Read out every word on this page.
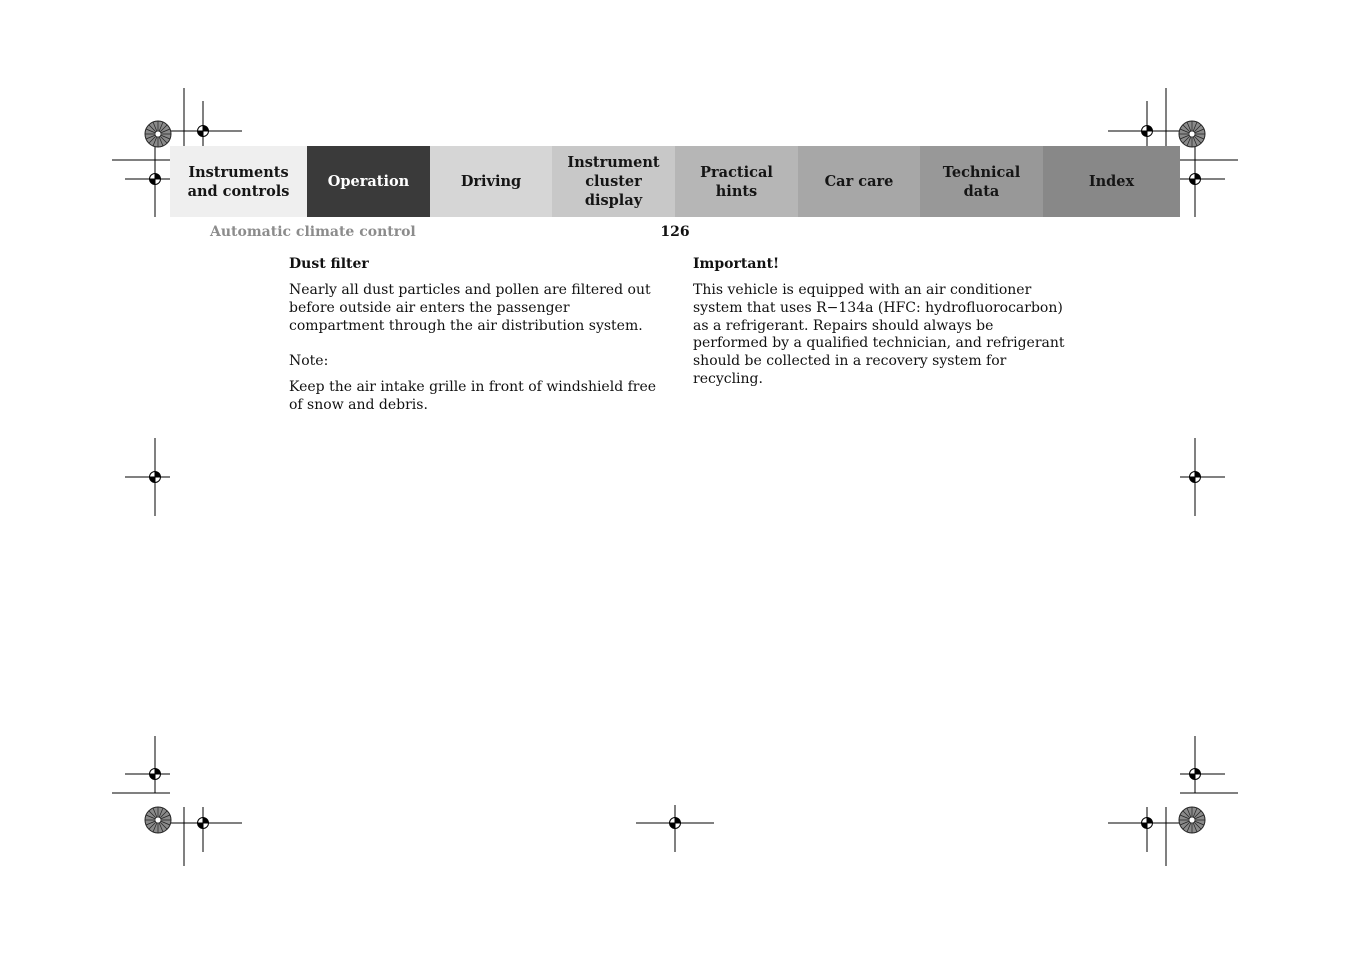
Instruments
and controls
Operation	Driving
Instrument
cluster display
Practical hints
Car care
Technical
data
Index
Automatic climate control	126

Dust filter

Nearly all dust particles and pollen are filtered out before outside air enters the passenger compartment through the air distribution system.

Note:

Keep the air intake grille in front of windshield free of snow and debris.

Important!

This vehicle is equipped with an air conditioner system that uses R−134a (HFC: hydrofluorocarbon) as a refrigerant. Repairs should always be performed by a qualified technician, and refrigerant should be collected in a recovery system for recycling.
